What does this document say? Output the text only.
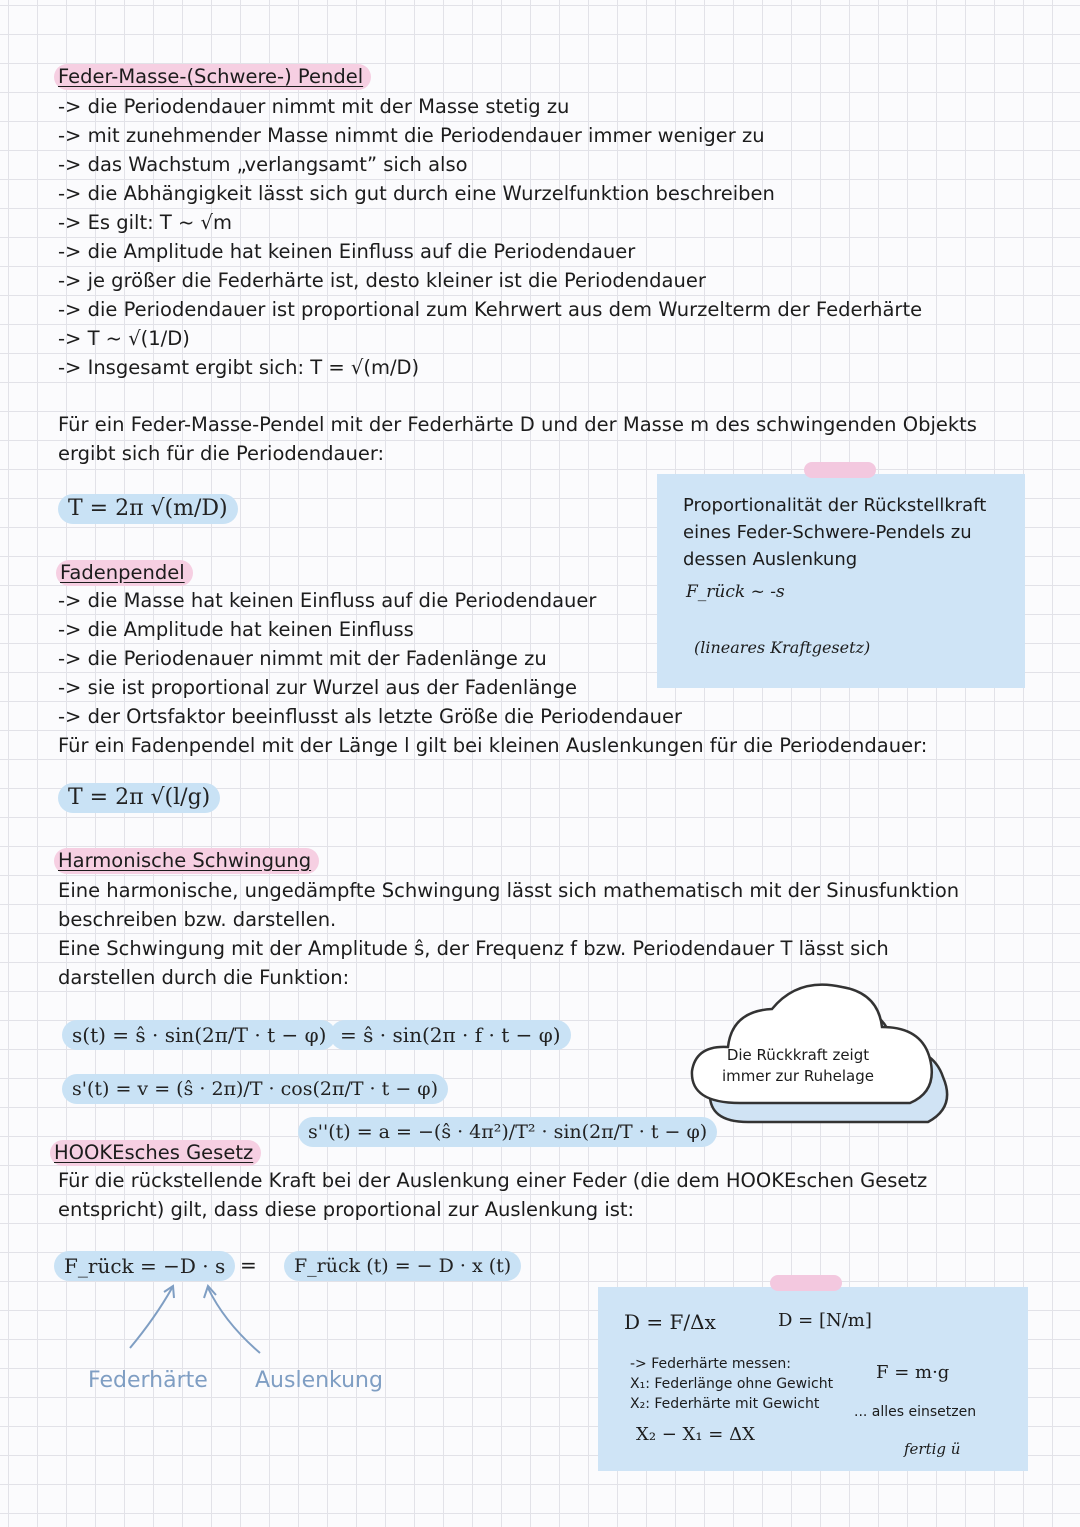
Feder-Masse-(Schwere-) Pendel
-> die Periodendauer nimmt mit der Masse stetig zu
-> mit zunehmender Masse nimmt die Periodendauer immer weniger zu
-> das Wachstum „verlangsamt” sich also
-> die Abhängigkeit lässt sich gut durch eine Wurzelfunktion beschreiben
-> Es gilt: T ~ √m
-> die Amplitude hat keinen Einfluss auf die Periodendauer
-> je größer die Federhärte ist, desto kleiner ist die Periodendauer
-> die Periodendauer ist proportional zum Kehrwert aus dem Wurzelterm der Federhärte
-> T ~ √(1/D)
-> Insgesamt ergibt sich: T = √(m/D)
Für ein Feder-Masse-Pendel mit der Federhärte D und der Masse m des schwingenden Objekts
ergibt sich für die Periodendauer:
T = 2π √(m/D)	Proportionalität der Rückstellkraft
eines Feder-Schwere-Pendels zu
dessen Auslenkung
F_rück ~ -s
(lineares Kraftgesetz)
Fadenpendel
-> die Masse hat keinen Einfluss auf die Periodendauer
-> die Amplitude hat keinen Einfluss
-> die Periodenauer nimmt mit der Fadenlänge zu
-> sie ist proportional zur Wurzel aus der Fadenlänge
-> der Ortsfaktor beeinflusst als letzte Größe die Periodendauer
Für ein Fadenpendel mit der Länge l gilt bei kleinen Auslenkungen für die Periodendauer:
T = 2π √(l/g)
Harmonische Schwingung
Eine harmonische, ungedämpfte Schwingung lässt sich mathematisch mit der Sinusfunktion
beschreiben bzw. darstellen.
Eine Schwingung mit der Amplitude ŝ, der Frequenz f bzw. Periodendauer T lässt sich
darstellen durch die Funktion:
s(t) = ŝ · sin(2π/T · t − φ) = ŝ · sin(2π · f · t − φ)
s'(t) = v = (ŝ · 2π)/T · cos(2π/T · t − φ)
s''(t) = a = −(ŝ · 4π²)/T² · sin(2π/T · t − φ)
Die Rückkraft zeigt
immer zur Ruhelage
HOOKEsches Gesetz
Für die rückstellende Kraft bei der Auslenkung einer Feder (die dem HOOKEschen Gesetz
entspricht) gilt, dass diese proportional zur Auslenkung ist:
F_rück = −D · s =	F_rück (t) = − D · x (t)
Federhärte Auslenkung
D = F/Δx	D = [N/m]
-> Federhärte messen:
X₁: Federlänge ohne Gewicht
X₂: Federhärte mit Gewicht
X₂ − X₁ = ΔX
F = m·g
... alles einsetzen
fertig ü
